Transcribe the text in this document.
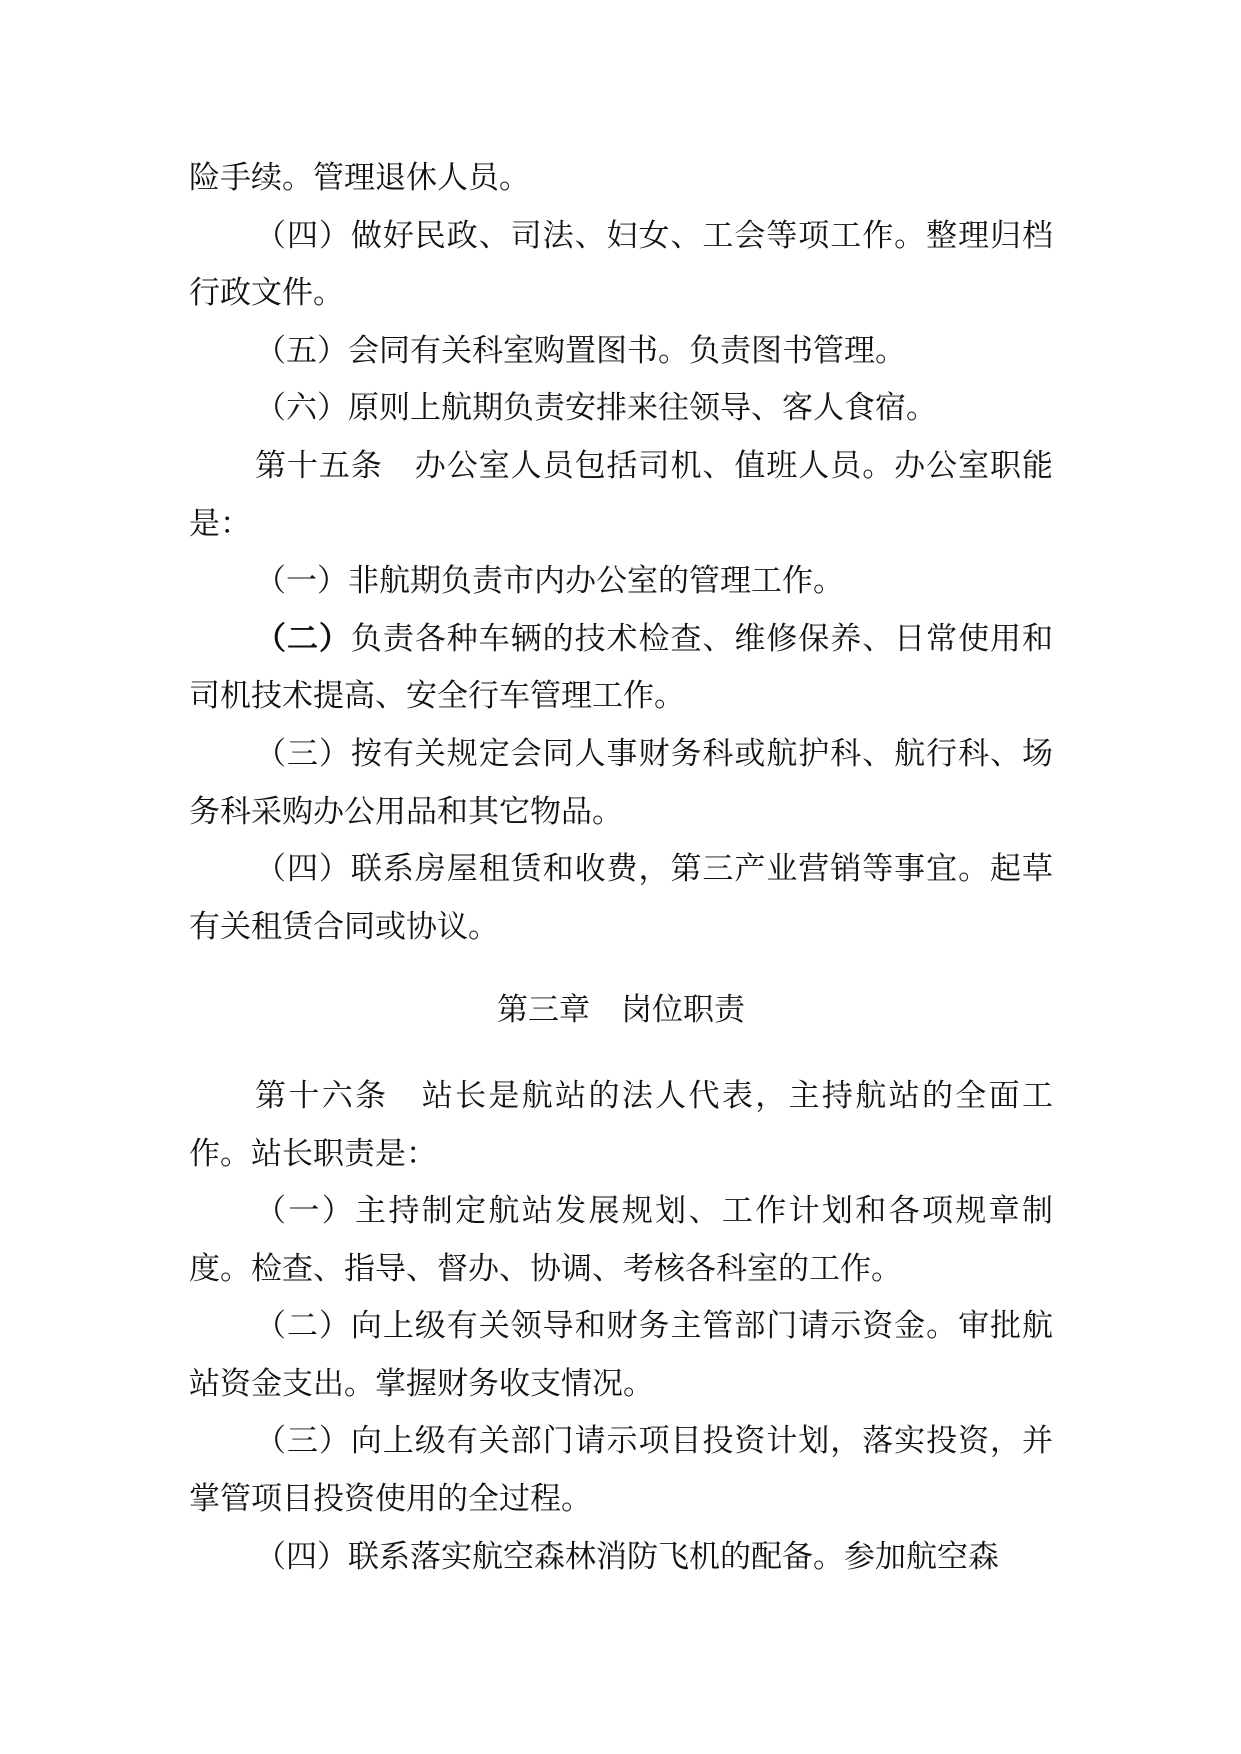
险手续。管理退休人员。

（四）做好民政、司法、妇女、工会等项工作。整理归档行政文件。

（五）会同有关科室购置图书。负责图书管理。

（六）原则上航期负责安排来往领导、客人食宿。

第十五条　办公室人员包括司机、值班人员。办公室职能是：

（一）非航期负责市内办公室的管理工作。

（二）负责各种车辆的技术检查、维修保养、日常使用和司机技术提高、安全行车管理工作。

（三）按有关规定会同人事财务科或航护科、航行科、场务科采购办公用品和其它物品。

（四）联系房屋租赁和收费，第三产业营销等事宜。起草有关租赁合同或协议。

第三章　岗位职责

第十六条　站长是航站的法人代表，主持航站的全面工作。站长职责是：

（一）主持制定航站发展规划、工作计划和各项规章制度。检查、指导、督办、协调、考核各科室的工作。

（二）向上级有关领导和财务主管部门请示资金。审批航站资金支出。掌握财务收支情况。

（三）向上级有关部门请示项目投资计划，落实投资，并掌管项目投资使用的全过程。

（四）联系落实航空森林消防飞机的配备。参加航空森
